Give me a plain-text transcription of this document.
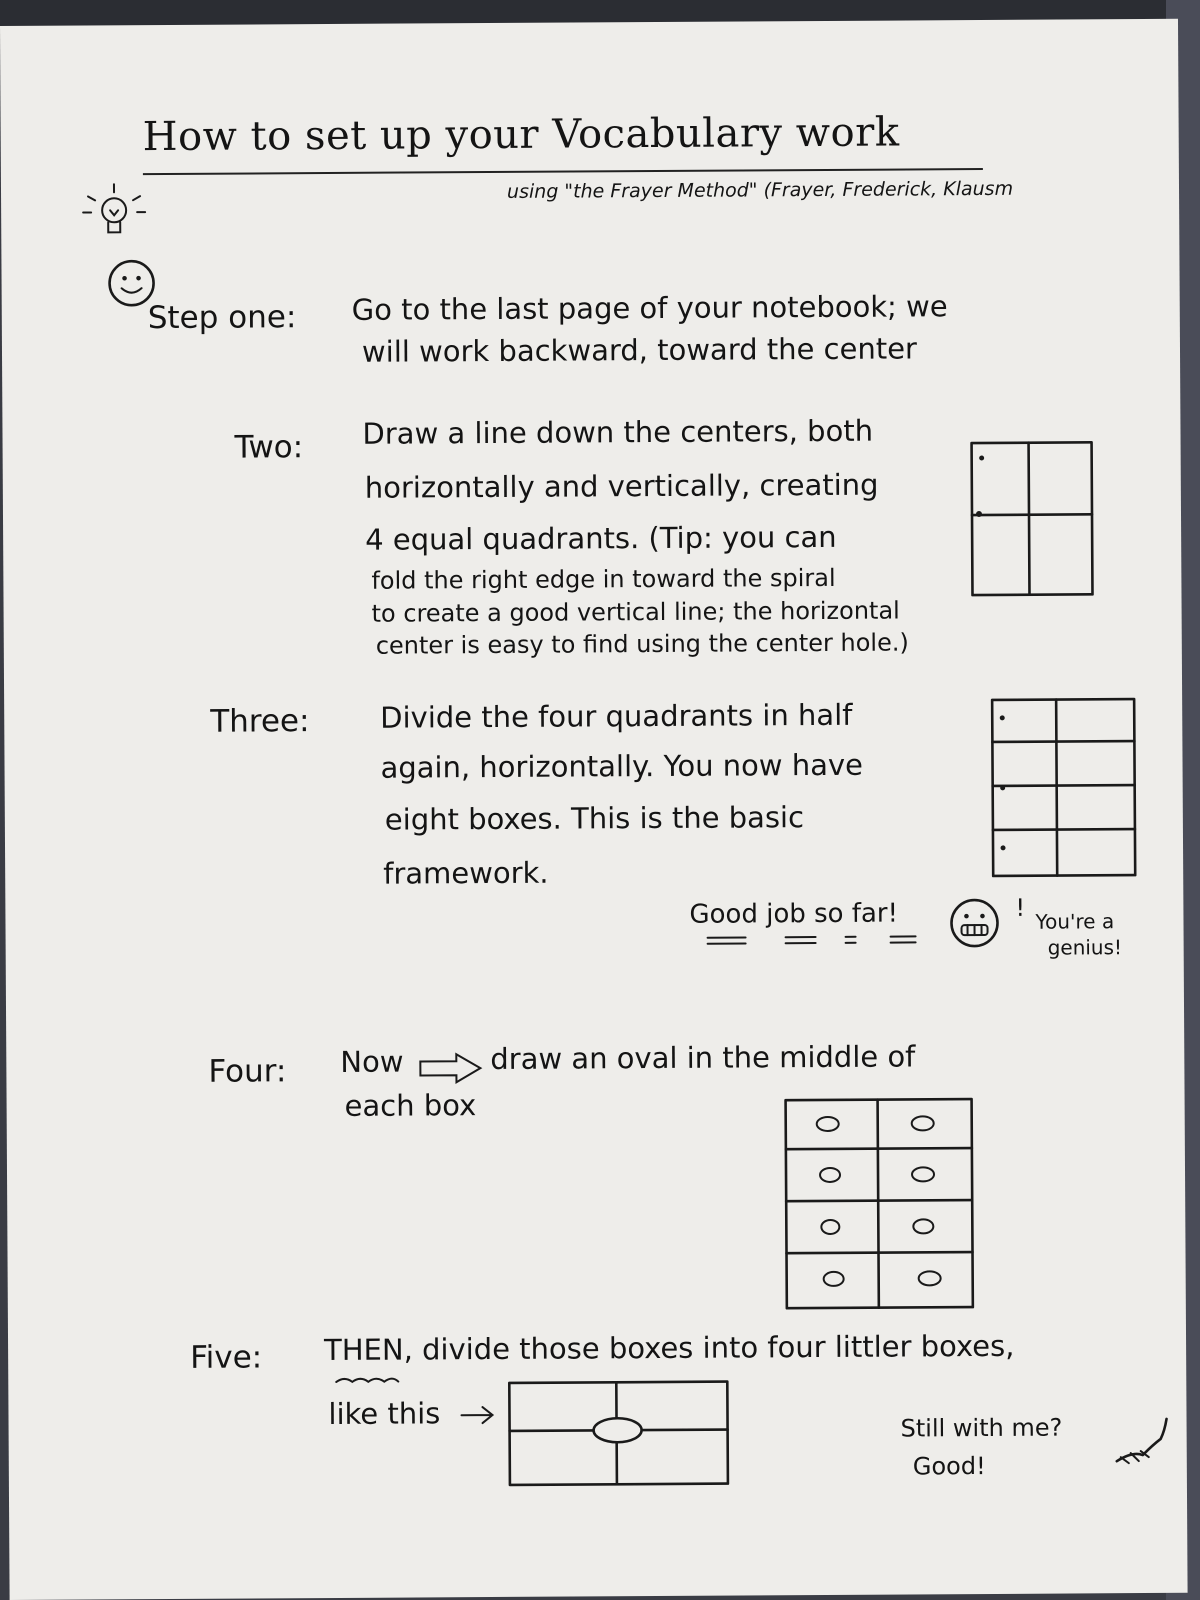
How to set up your Vocabulary work
using "the Frayer Method" (Frayer, Frederick, Klausm
Step one: Go to the last page of your notebook; we
will work backward, toward the center
Two: Draw a line down the centers, both
horizontally and vertically, creating
4 equal quadrants. (Tip: you can
fold the right edge in toward the spiral
to create a good vertical line; the horizontal
center is easy to find using the center hole.)
Three: Divide the four quadrants in half
again, horizontally. You now have
eight boxes. This is the basic
framework.
Good job so far!	! You're a
genius!
Four: Now	draw an oval in the middle of
each box
Five: THEN, divide those boxes into four littler boxes,
like this	Still with me?
Good!
